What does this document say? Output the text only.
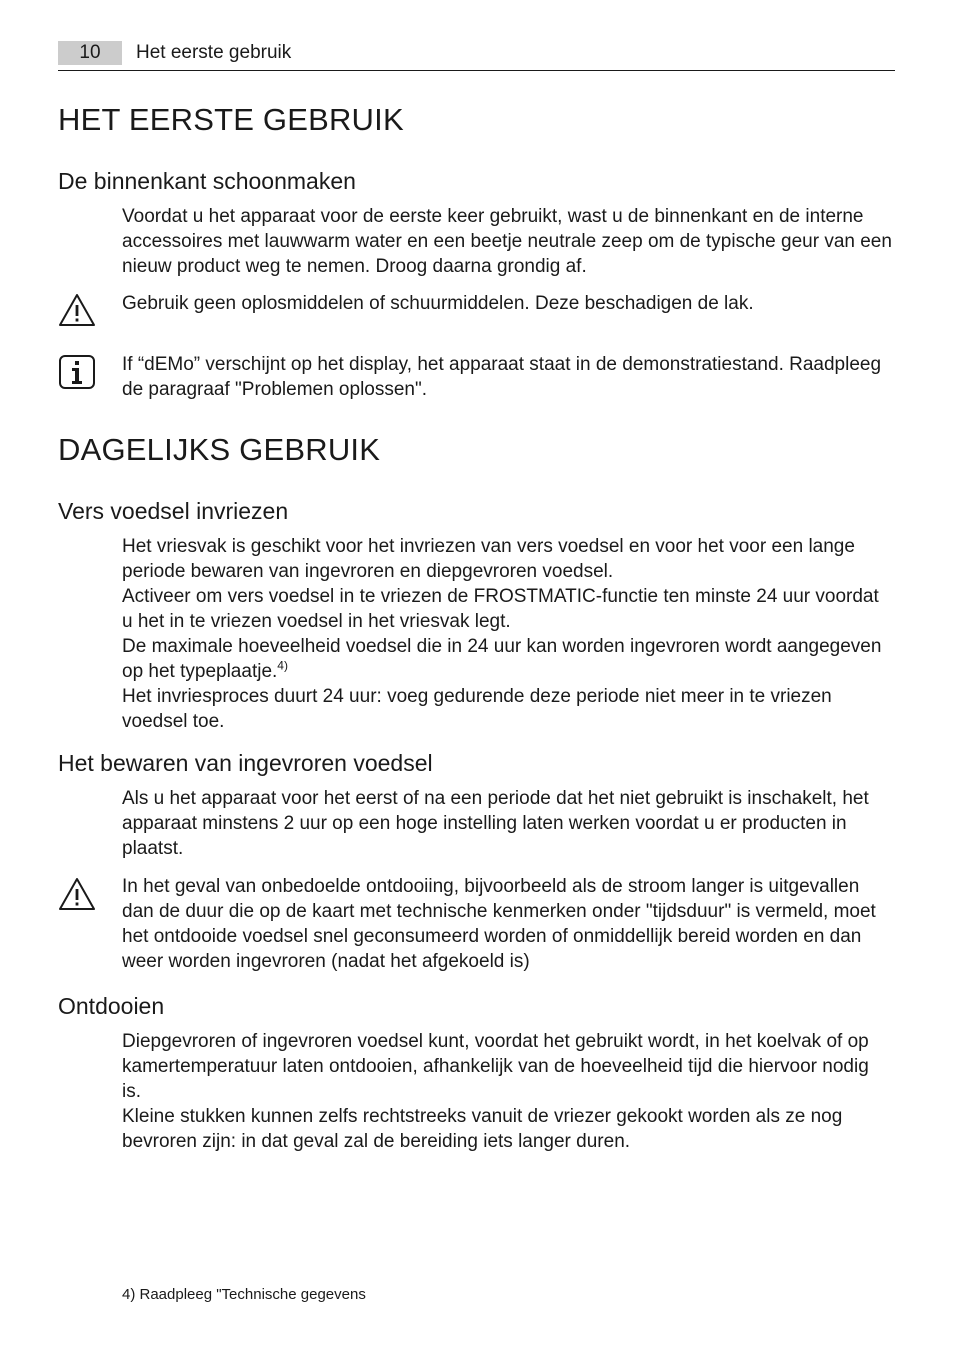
10	Het eerste gebruik
HET EERSTE GEBRUIK
De binnenkant schoonmaken

Voordat u het apparaat voor de eerste keer gebruikt, wast u de binnenkant en de interne accessoires met lauwwarm water en een beetje neutrale zeep om de typische geur van een nieuw product weg te nemen. Droog daarna grondig af.

Gebruik geen oplosmiddelen of schuurmiddelen. Deze beschadigen de lak.

If “dEMo” verschijnt op het display, het apparaat staat in de demonstratiestand. Raadpleeg de paragraaf "Problemen oplossen".

DAGELIJKS GEBRUIK
Vers voedsel invriezen

Het vriesvak is geschikt voor het invriezen van vers voedsel en voor het voor een lange periode bewaren van ingevroren en diepgevroren voedsel.

Activeer om vers voedsel in te vriezen de FROSTMATIC-functie ten minste 24 uur voordat u het in te vriezen voedsel in het vriesvak legt.

De maximale hoeveelheid voedsel die in 24 uur kan worden ingevroren wordt aangegeven op het typeplaatje.$^{4)}$

Het invriesproces duurt 24 uur: voeg gedurende deze periode niet meer in te vriezen voedsel toe.

Het bewaren van ingevroren voedsel

Als u het apparaat voor het eerst of na een periode dat het niet gebruikt is inschakelt, het apparaat minstens 2 uur op een hoge instelling laten werken voordat u er producten in plaatst.

In het geval van onbedoelde ontdooiing, bijvoorbeeld als de stroom langer is uitgevallen dan de duur die op de kaart met technische kenmerken onder "tijdsduur" is vermeld, moet het ontdooide voedsel snel geconsumeerd worden of onmiddellijk bereid worden en dan weer worden ingevroren (nadat het afgekoeld is)

Ontdooien

Diepgevroren of ingevroren voedsel kunt, voordat het gebruikt wordt, in het koelvak of op kamertemperatuur laten ontdooien, afhankelijk van de hoeveelheid tijd die hiervoor nodig is.

Kleine stukken kunnen zelfs rechtstreeks vanuit de vriezer gekookt worden als ze nog bevroren zijn: in dat geval zal de bereiding iets langer duren.

4) Raadpleeg "Technische gegevens
